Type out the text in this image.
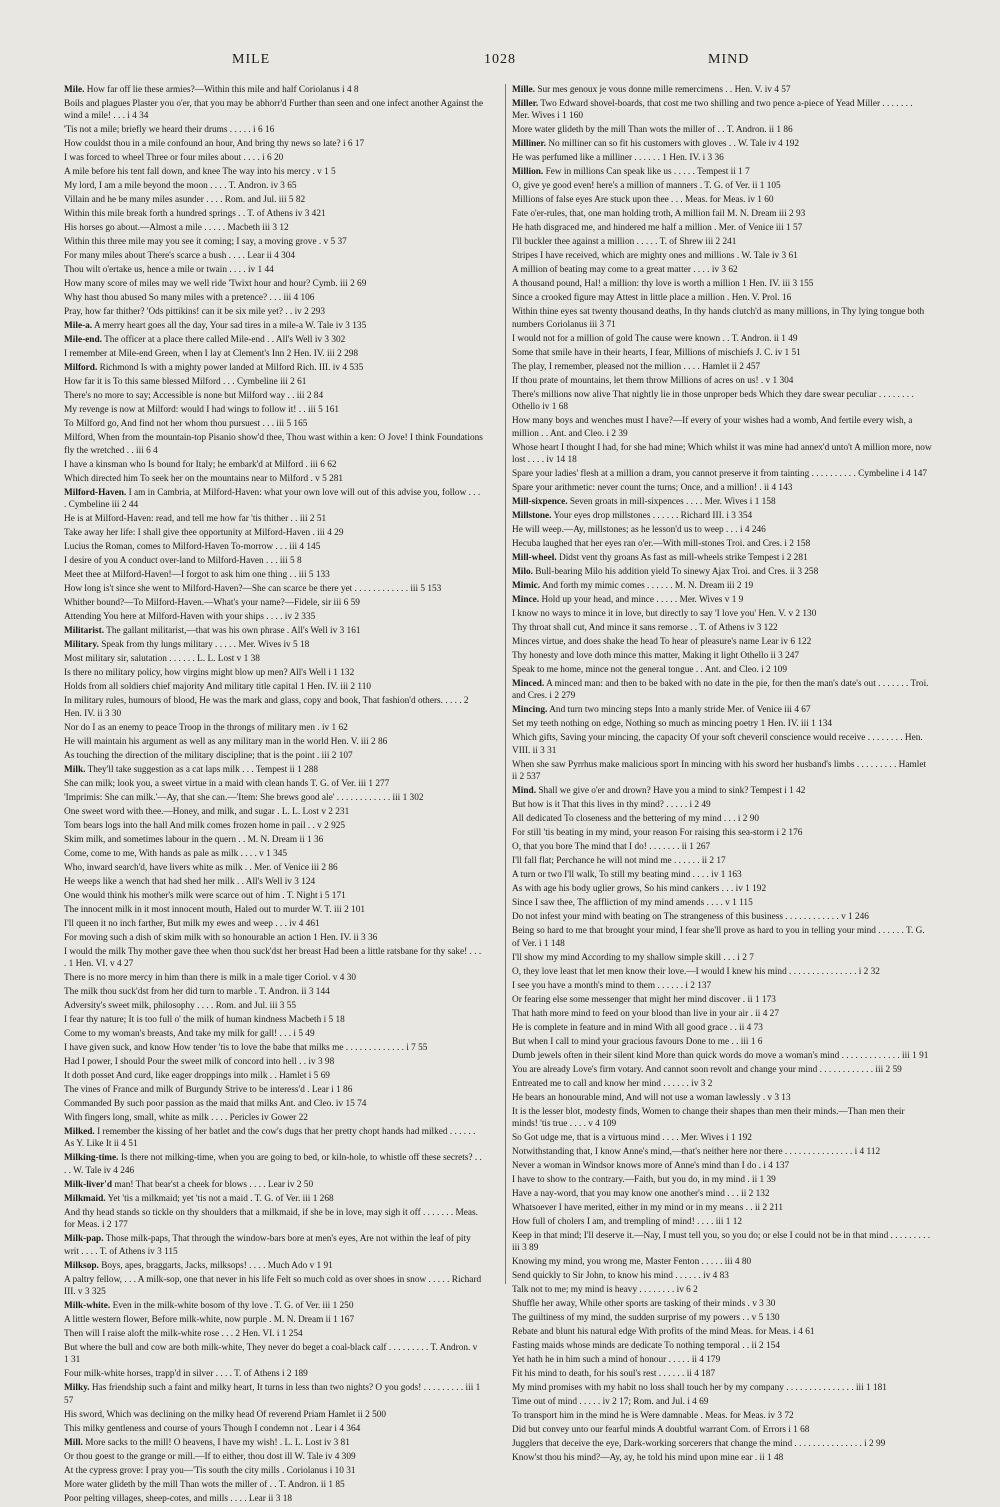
MILE	1028	MIND
Mile. How far off lie these armies?—Within this mile and half Coriolanus i 4 8
Boils and plagues Plaster you o'er, that you may be abhorr'd Further than seen and one infect another Against the wind a mile! . . . i 4 34
'Tis not a mile; briefly we heard their drums . . . . . i 6 16
How couldst thou in a mile confound an hour, And bring thy news so late? i 6 17
I was forced to wheel Three or four miles about . . . . i 6 20
A mile before his tent fall down, and knee The way into his mercy . v 1 5
My lord, I am a mile beyond the moon . . . . T. Andron. iv 3 65
Villain and he be many miles asunder . . . . Rom. and Jul. iii 5 82
Within this mile break forth a hundred springs . . T. of Athens iv 3 421
His horses go about.—Almost a mile . . . . . Macbeth iii 3 12
Within this three mile may you see it coming; I say, a moving grove . v 5 37
For many miles about There's scarce a bush . . . . Lear ii 4 304
Thou wilt o'ertake us, hence a mile or twain . . . . iv 1 44
How many score of miles may we well ride 'Twixt hour and hour? Cymb. iii 2 69
Why hast thou abused So many miles with a pretence? . . . iii 4 106
Pray, how far thither? 'Ods pittikins! can it be six mile yet? . . iv 2 293
Mile-a. A merry heart goes all the day, Your sad tires in a mile-a W. Tale iv 3 135
Mile-end. The officer at a place there called Mile-end . . All's Well iv 3 302
I remember at Mile-end Green, when I lay at Clement's Inn 2 Hen. IV. iii 2 298
Milford. Richmond Is with a mighty power landed at Milford Rich. III. iv 4 535
How far it is To this same blessed Milford . . . Cymbeline iii 2 61
There's no more to say; Accessible is none but Milford way . . iii 2 84
My revenge is now at Milford: would I had wings to follow it! . . iii 5 161
To Milford go, And find not her whom thou pursuest . . . iii 5 165
Milford, When from the mountain-top Pisanio show'd thee, Thou wast within a ken: O Jove! I think Foundations fly the wretched . . iii 6 4
I have a kinsman who Is bound for Italy; he embark'd at Milford . iii 6 62
Which directed him To seek her on the mountains near to Milford . v 5 281
Milford-Haven. I am in Cambria, at Milford-Haven: what your own love will out of this advise you, follow . . . . Cymbeline iii 2 44
He is at Milford-Haven: read, and tell me how far 'tis thither . . iii 2 51
Take away her life: I shall give thee opportunity at Milford-Haven . iii 4 29
Lucius the Roman, comes to Milford-Haven To-morrow . . . iii 4 145
I desire of you A conduct over-land to Milford-Haven . . . iii 5 8
Meet thee at Milford-Haven!—I forgot to ask him one thing . . iii 5 133
How long is't since she went to Milford-Haven?—She can scarce be there yet . . . . . . . . . . . . iii 5 153
Whither bound?—To Milford-Haven.—What's your name?—Fidele, sir iii 6 59
Attending You here at Milford-Haven with your ships . . . . iv 2 335
Militarist. The gallant militarist,—that was his own phrase . All's Well iv 3 161
Military. Speak from thy lungs military . . . . . Mer. Wives iv 5 18
Most military sir, salutation . . . . . . L. L. Lost v 1 38
Is there no military policy, how virgins might blow up men? All's Well i 1 132
Holds from all soldiers chief majority And military title capital 1 Hen. IV. iii 2 110
In military rules, humours of blood, He was the mark and glass, copy and book, That fashion'd others. . . . . 2 Hen. IV. ii 3 30
Nor do I as an enemy to peace Troop in the throngs of military men . iv 1 62
He will maintain his argument as well as any military man in the world Hen. V. iii 2 86
As touching the direction of the military discipline; that is the point . iii 2 107
Milk. They'll take suggestion as a cat laps milk . . . Tempest ii 1 288
She can milk; look you, a sweet virtue in a maid with clean hands T. G. of Ver. iii 1 277
'Imprimis: She can milk.'—Ay, that she can.—'Item: She brews good ale' . . . . . . . . . . . . iii 1 302
One sweet word with thee.—Honey, and milk, and sugar . L. L. Lost v 2 231
Tom bears logs into the hall And milk comes frozen home in pail . . v 2 925
Skim milk, and sometimes labour in the quern . . M. N. Dream ii 1 36
Come, come to me, With hands as pale as milk . . . . v 1 345
Who, inward search'd, have livers white as milk . . Mer. of Venice iii 2 86
He weeps like a wench that had shed her milk . . All's Well iv 3 124
One would think his mother's milk were scarce out of him . T. Night i 5 171
The innocent milk in it most innocent mouth, Haled out to murder W. T. iii 2 101
I'll queen it no inch farther, But milk my ewes and weep . . . iv 4 461
For moving such a dish of skim milk with so honourable an action 1 Hen. IV. ii 3 36
I would the milk Thy mother gave thee when thou suck'dst her breast Had been a little ratsbane for thy sake! . . . . 1 Hen. VI. v 4 27
There is no more mercy in him than there is milk in a male tiger Coriol. v 4 30
The milk thou suck'dst from her did turn to marble . T. Andron. ii 3 144
Adversity's sweet milk, philosophy . . . . Rom. and Jul. iii 3 55
I fear thy nature; It is too full o' the milk of human kindness Macbeth i 5 18
Come to my woman's breasts, And take my milk for gall! . . . i 5 49
I have given suck, and know How tender 'tis to love the babe that milks me . . . . . . . . . . . . . i 7 55
Had I power, I should Pour the sweet milk of concord into hell . . iv 3 98
It doth posset And curd, like eager droppings into milk . . Hamlet i 5 69
The vines of France and milk of Burgundy Strive to be interess'd . Lear i 1 86
Commanded By such poor passion as the maid that milks Ant. and Cleo. iv 15 74
With fingers long, small, white as milk . . . . Pericles iv Gower 22
Milked. I remember the kissing of her batlet and the cow's dugs that her pretty chopt hands had milked . . . . . . As Y. Like It ii 4 51
Milking-time. Is there not milking-time, when you are going to bed, or kiln-hole, to whistle off these secrets? . . . . W. Tale iv 4 246
Milk-liver'd man! That bear'st a cheek for blows . . . . Lear iv 2 50
Milkmaid. Yet 'tis a milkmaid; yet 'tis not a maid . T. G. of Ver. iii 1 268
And thy head stands so tickle on thy shoulders that a milkmaid, if she be in love, may sigh it off . . . . . . . Meas. for Meas. i 2 177
Milk-pap. Those milk-paps, That through the window-bars bore at men's eyes, Are not within the leaf of pity writ . . . . T. of Athens iv 3 115
Milksop. Boys, apes, braggarts, Jacks, milksops! . . . . Much Ado v 1 91
A paltry fellow, . . . A milk-sop, one that never in his life Felt so much cold as over shoes in snow . . . . . Richard III. v 3 325
Milk-white. Even in the milk-white bosom of thy love . T. G. of Ver. iii 1 250
A little western flower, Before milk-white, now purple . M. N. Dream ii 1 167
Then will I raise aloft the milk-white rose . . . 2 Hen. VI. i 1 254
But where the bull and cow are both milk-white, They never do beget a coal-black calf . . . . . . . . . T. Andron. v 1 31
Four milk-white horses, trapp'd in silver . . . . T. of Athens i 2 189
Milky. Has friendship such a faint and milky heart, It turns in less than two nights? O you gods! . . . . . . . . . iii 1 57
His sword, Which was declining on the milky head Of reverend Priam Hamlet ii 2 500
This milky gentleness and course of yours Though I condemn not . Lear i 4 364
Mill. More sacks to the mill! O heavens, I have my wish! . L. L. Lost iv 3 81
Or thou goest to the grange or mill.—If to either, thou dost ill W. Tale iv 4 309
At the cypress grove: I pray you—'Tis south the city mills . Coriolanus i 10 31
More water glideth by the mill Than wots the miller of . . T. Andron. ii 1 85
Poor pelting villages, sheep-cotes, and mills . . . . Lear ii 3 18
Mille. Sur mes genoux je vous donne mille remercimens . . Hen. V. iv 4 57
Miller. Two Edward shovel-boards, that cost me two shilling and two pence a-piece of Yead Miller . . . . . . . Mer. Wives i 1 160
More water glideth by the mill Than wots the miller of . . T. Andron. ii 1 86
Milliner. No milliner can so fit his customers with gloves . . W. Tale iv 4 192
He was perfumed like a milliner . . . . . . 1 Hen. IV. i 3 36
Million. Few in millions Can speak like us . . . . . Tempest ii 1 7
O, give ye good even! here's a million of manners . T. G. of Ver. ii 1 105
Millions of false eyes Are stuck upon thee . . . Meas. for Meas. iv 1 60
Fate o'er-rules, that, one man holding troth, A million fail M. N. Dream iii 2 93
He hath disgraced me, and hindered me half a million . Mer. of Venice iii 1 57
I'll buckler thee against a million . . . . . T. of Shrew iii 2 241
Stripes I have received, which are mighty ones and millions . W. Tale iv 3 61
A million of beating may come to a great matter . . . . iv 3 62
A thousand pound, Hal! a million: thy love is worth a million 1 Hen. IV. iii 3 155
Since a crooked figure may Attest in little place a million . Hen. V. Prol. 16
Within thine eyes sat twenty thousand deaths, In thy hands clutch'd as many millions, in Thy lying tongue both numbers Coriolanus iii 3 71
I would not for a million of gold The cause were known . . T. Andron. ii 1 49
Some that smile have in their hearts, I fear, Millions of mischiefs J. C. iv 1 51
The play, I remember, pleased not the million . . . . Hamlet ii 2 457
If thou prate of mountains, let them throw Millions of acres on us! . v 1 304
There's millions now alive That nightly lie in those unproper beds Which they dare swear peculiar . . . . . . . . Othello iv 1 68
How many boys and wenches must I have?—If every of your wishes had a womb, And fertile every wish, a million . . Ant. and Cleo. i 2 39
Whose heart I thought I had, for she had mine; Which whilst it was mine had annex'd unto't A million more, now lost . . . . iv 14 18
Spare your ladies' flesh at a million a dram, you cannot preserve it from tainting . . . . . . . . . . Cymbeline i 4 147
Spare your arithmetic: never count the turns; Once, and a million! . ii 4 143
Mill-sixpence. Seven groats in mill-sixpences . . . . Mer. Wives i 1 158
Millstone. Your eyes drop millstones . . . . . . Richard III. i 3 354
He will weep.—Ay, millstones; as he lesson'd us to weep . . . i 4 246
Hecuba laughed that her eyes ran o'er.—With mill-stones Troi. and Cres. i 2 158
Mill-wheel. Didst vent thy groans As fast as mill-wheels strike Tempest i 2 281
Milo. Bull-bearing Milo his addition yield To sinewy Ajax Troi. and Cres. ii 3 258
Mimic. And forth my mimic comes . . . . . . M. N. Dream iii 2 19
Mince. Hold up your head, and mince . . . . . Mer. Wives v 1 9
I know no ways to mince it in love, but directly to say 'I love you' Hen. V. v 2 130
Thy throat shall cut, And mince it sans remorse . . T. of Athens iv 3 122
Minces virtue, and does shake the head To hear of pleasure's name Lear iv 6 122
Thy honesty and love doth mince this matter, Making it light Othello ii 3 247
Speak to me home, mince not the general tongue . . Ant. and Cleo. i 2 109
Minced. A minced man: and then to be baked with no date in the pie, for then the man's date's out . . . . . . . Troi. and Cres. i 2 279
Mincing. And turn two mincing steps Into a manly stride Mer. of Venice iii 4 67
Set my teeth nothing on edge, Nothing so much as mincing poetry 1 Hen. IV. iii 1 134
Which gifts, Saving your mincing, the capacity Of your soft cheveril conscience would receive . . . . . . . . Hen. VIII. ii 3 31
When she saw Pyrrhus make malicious sport In mincing with his sword her husband's limbs . . . . . . . . . Hamlet ii 2 537
Mind. Shall we give o'er and drown? Have you a mind to sink? Tempest i 1 42
But how is it That this lives in thy mind? . . . . . i 2 49
All dedicated To closeness and the bettering of my mind . . . i 2 90
For still 'tis beating in my mind, your reason For raising this sea-storm i 2 176
O, that you bore The mind that I do! . . . . . . . ii 1 267
I'll fall flat; Perchance he will not mind me . . . . . . ii 2 17
A turn or two I'll walk, To still my beating mind . . . . iv 1 163
As with age his body uglier grows, So his mind cankers . . . iv 1 192
Since I saw thee, The affliction of my mind amends . . . . v 1 115
Do not infest your mind with beating on The strangeness of this business . . . . . . . . . . . . v 1 246
Being so hard to me that brought your mind, I fear she'll prove as hard to you in telling your mind . . . . . . T. G. of Ver. i 1 148
I'll show my mind According to my shallow simple skill . . . i 2 7
O, they love least that let men know their love.—I would I knew his mind . . . . . . . . . . . . . . . i 2 32
I see you have a month's mind to them . . . . . . i 2 137
Or fearing else some messenger that might her mind discover . ii 1 173
That hath more mind to feed on your blood than live in your air . ii 4 27
He is complete in feature and in mind With all good grace . . ii 4 73
But when I call to mind your gracious favours Done to me . . iii 1 6
Dumb jewels often in their silent kind More than quick words do move a woman's mind . . . . . . . . . . . . . iii 1 91
You are already Love's firm votary. And cannot soon revolt and change your mind . . . . . . . . . . . . iii 2 59
Entreated me to call and know her mind . . . . . . iv 3 2
He bears an honourable mind, And will not use a woman lawlessly . v 3 13
It is the lesser blot, modesty finds, Women to change their shapes than men their minds.—Than men their minds! 'tis true . . . . v 4 109
So Got udge me, that is a virtuous mind . . . . Mer. Wives i 1 192
Notwithstanding that, I know Anne's mind,—that's neither here nor there . . . . . . . . . . . . . . . i 4 112
Never a woman in Windsor knows more of Anne's mind than I do . i 4 137
I have to show to the contrary.—Faith, but you do, in my mind . ii 1 39
Have a nay-word, that you may know one another's mind . . . ii 2 132
Whatsoever I have merited, either in my mind or in my means . . ii 2 211
How full of cholers I am, and trempling of mind! . . . . iii 1 12
Keep in that mind; I'll deserve it.—Nay, I must tell you, so you do; or else I could not be in that mind . . . . . . . . . iii 3 89
Knowing my mind, you wrong me, Master Fenton . . . . . iii 4 80
Send quickly to Sir John, to know his mind . . . . . . iv 4 83
Talk not to me; my mind is heavy . . . . . . . . iv 6 2
Shuffle her away, While other sports are tasking of their minds . v 3 30
The guiltiness of my mind, the sudden surprise of my powers . . v 5 130
Rebate and blunt his natural edge With profits of the mind Meas. for Meas. i 4 61
Fasting maids whose minds are dedicate To nothing temporal . . ii 2 154
Yet hath he in him such a mind of honour . . . . . ii 4 179
Fit his mind to death, for his soul's rest . . . . . . ii 4 187
My mind promises with my habit no loss shall touch her by my company . . . . . . . . . . . . . . . iii 1 181
Time out of mind . . . . . iv 2 17; Rom. and Jul. i 4 69
To transport him in the mind he is Were damnable . Meas. for Meas. iv 3 72
Did but convey unto our fearful minds A doubtful warrant Com. of Errors i 1 68
Jugglers that deceive the eye, Dark-working sorcerers that change the mind . . . . . . . . . . . . . . . i 2 99
Know'st thou his mind?—Ay, ay, he told his mind upon mine ear . ii 1 48
